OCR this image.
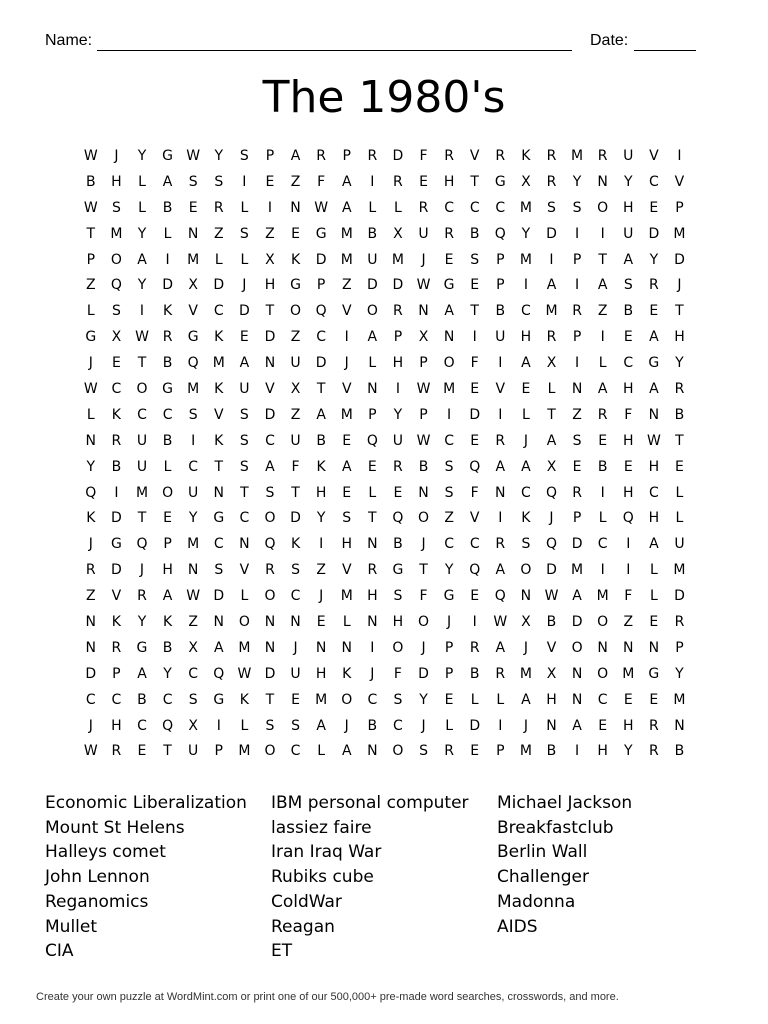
Name:	Date:
The 1980's
W	J	Y	G W	Y	S	P	A	R	P	R	D	F	R	V	R	K	R	M	R	U	V	I
B	H	L	A	S	S	I	E	Z	F	A	I	R	E	H	T	G	X	R	Y	N	Y	C	V
W	S	L	B	E	R	L	I	N W A	L	L	R	C	C	C	M	S	S	O	H	E	P
T	M	Y	L	N	Z	S	Z	E	G	M	B	X	U	R	B	Q	Y	D	I	I	U	D	M
P	O	A	I	M	L	L	X	K	D	M	U	M	J	E	S	P	M	I	P	T	A	Y	D
Z	Q	Y	D	X	D	J	H	G	P	Z	D	D W G	E	P	I	A	I	A	S	R	J
L	S	I	K	V	C	D	T	O	Q	V	O	R	N	A	T	B	C	M	R	Z	B	E	T
G	X W R	G	K	E	D	Z	C	I	A	P	X	N	I	U	H	R	P	I	E	A	H
J	E	T	B	Q	M	A	N	U	D	J	L	H	P	O	F	I	A	X	I	L	C	G	Y
W C	O	G	M	K	U	V	X	T	V	N	I	W M	E	V	E	L	N	A	H	A	R
L	K	C	C	S	V	S	D	Z	A	M	P	Y	P	I	D	I	L	T	Z	R	F	N	B
N	R	U	B	I	K	S	C	U	B	E	Q	U W C	E	R	J	A	S	E	H W	T
Y	B	U	L	C	T	S	A	F	K	A	E	R	B	S	Q	A	A	X	E	B	E	H	E
Q	I	M	O	U	N	T	S	T	H	E	L	E	N	S	F	N	C	Q	R	I	H	C	L
K	D	T	E	Y	G	C	O	D	Y	S	T	Q	O	Z	V	I	K	J	P	L	Q	H	L
J	G	Q	P	M	C	N	Q	K	I	H	N	B	J	C	C	R	S	Q	D	C	I	A	U
R	D	J	H	N	S	V	R	S	Z	V	R	G	T	Y	Q	A	O	D	M	I	I	L	M
Z	V	R	A W D	L	O	C	J	M	H	S	F	G	E	Q	N W A	M	F	L	D
N	K	Y	K	Z	N	O	N	N	E	L	N	H	O	J	I	W X	B	D	O	Z	E	R
N	R	G	B	X	A	M	N	J	N	N	I	O	J	P	R	A	J	V	O	N	N	N	P
D	P	A	Y	C	Q W D	U	H	K	J	F	D	P	B	R	M	X	N	O	M	G	Y
C	C	B	C	S	G	K	T	E	M	O	C	S	Y	E	L	L	A	H	N	C	E	E	M
J	H	C	Q	X	I	L	S	S	A	J	B	C	J	L	D	I	J	N	A	E	H	R	N
W R	E	T	U	P	M	O	C	L	A	N	O	S	R	E	P	M	B	I	H	Y	R	B
Economic Liberalization
Mount St Helens
Halleys comet
John Lennon
Reganomics
Mullet
CIA
IBM personal computer
lassiez faire
Iran Iraq War
Rubiks cube
ColdWar
Reagan
ET
Michael Jackson
Breakfastclub
Berlin Wall
Challenger
Madonna
AIDS
Create your own puzzle at WordMint.com or print one of our 500,000+ pre-made word searches, crosswords, and more.
